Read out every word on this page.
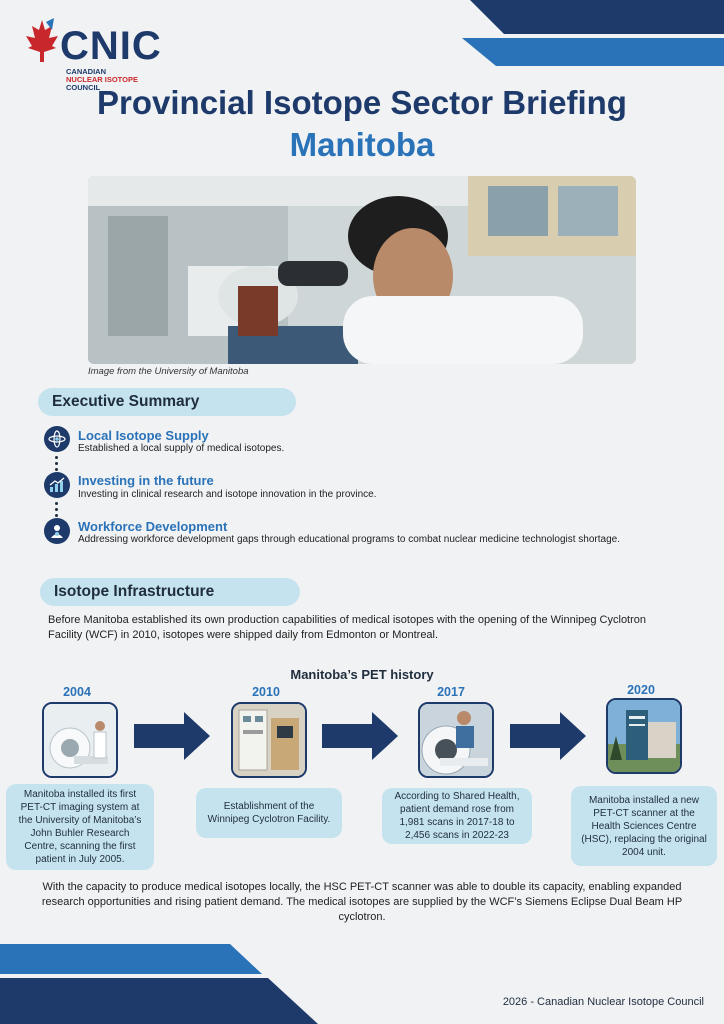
CNIC
CANADIAN
NUCLEAR ISOTOPE
COUNCIL
Provincial Isotope Sector Briefing
Manitoba
Image from the University of Manitoba
Executive Summary
Local Isotope Supply
Established a local supply of medical isotopes.
Investing in the future
Investing in clinical research and isotope innovation in the province.
Workforce Development
Addressing workforce development gaps through educational programs to combat nuclear medicine technologist shortage.
Isotope Infrastructure
Before Manitoba established its own production capabilities of medical isotopes with the opening of the Winnipeg Cyclotron Facility (WCF) in 2010, isotopes were shipped daily from Edmonton or Montreal.
Manitoba’s PET history
2004	2010	2017	2020
Manitoba installed its first PET-CT imaging system at the University of Manitoba’s John Buhler Research Centre, scanning the first patient in July 2005.
Establishment of the Winnipeg Cyclotron Facility.
According to Shared Health, patient demand rose from 1,981 scans in 2017-18 to 2,456 scans in 2022-23
Manitoba installed a new PET-CT scanner at the Health Sciences Centre (HSC), replacing the original 2004 unit.
With the capacity to produce medical isotopes locally, the HSC PET-CT scanner was able to double its capacity, enabling expanded research opportunities and rising patient demand. The medical isotopes are supplied by the WCF’s Siemens Eclipse Dual Beam HP cyclotron.
2026 - Canadian Nuclear Isotope Council
